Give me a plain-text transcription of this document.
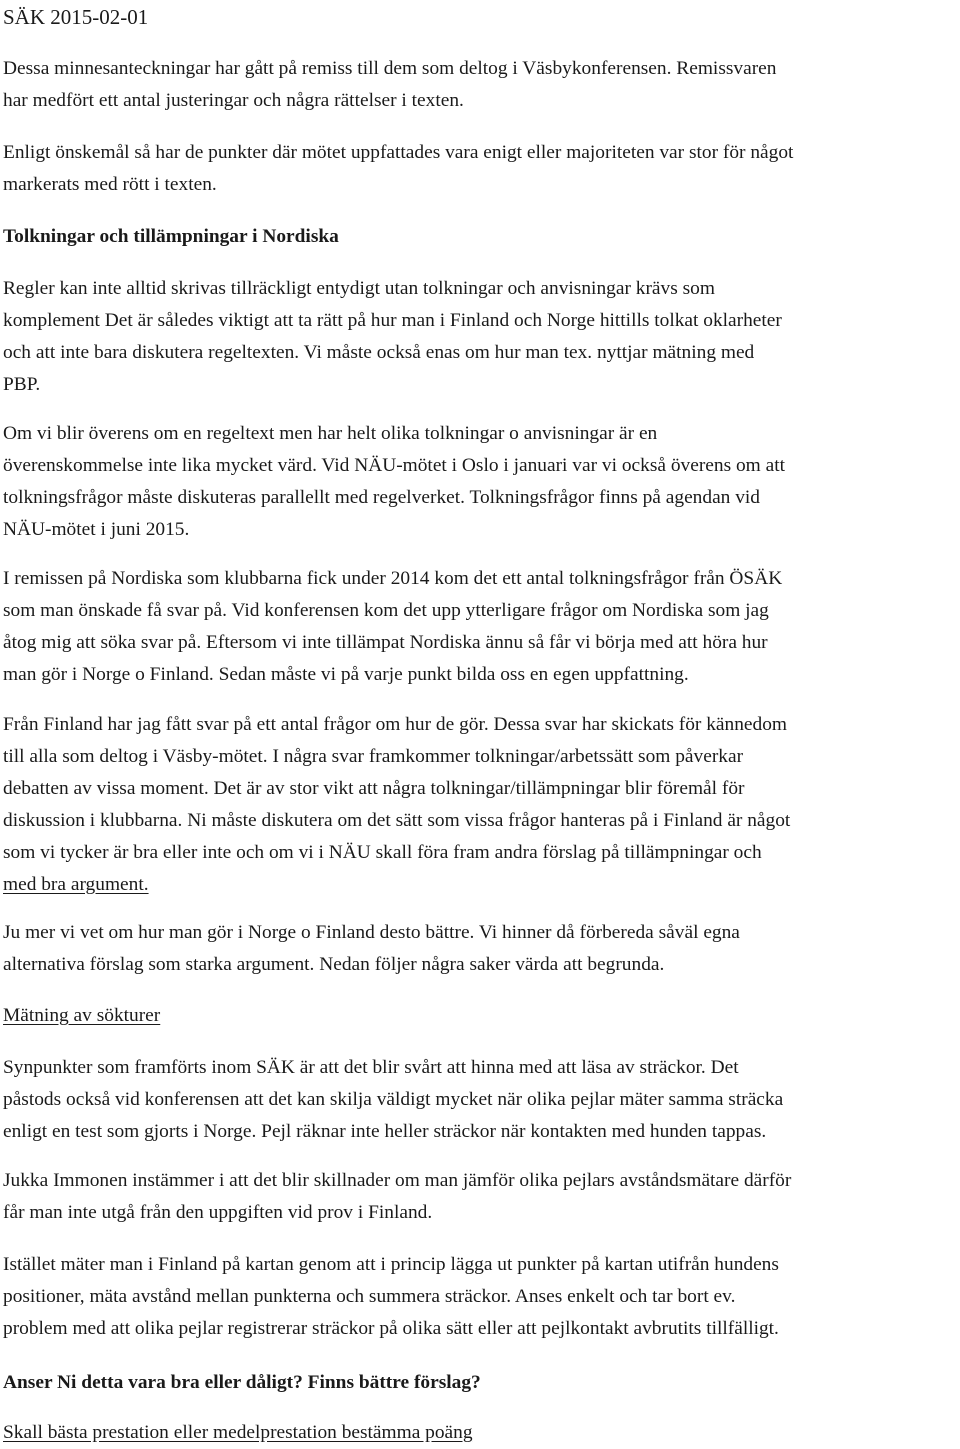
SÄK 2015-02-01
Dessa minnesanteckningar har gått på remiss till dem som deltog i Väsbykonferensen. Remissvaren
har medfört ett antal justeringar och några rättelser i texten.
Enligt önskemål så har de punkter där mötet uppfattades vara enigt eller majoriteten var stor för något
markerats med rött i texten.
Tolkningar och tillämpningar i Nordiska
Regler kan inte alltid skrivas tillräckligt entydigt utan tolkningar och anvisningar krävs som
komplement Det är således viktigt att ta rätt på hur man i Finland och Norge hittills tolkat oklarheter
och att inte bara diskutera regeltexten. Vi måste också enas om hur man tex. nyttjar mätning med
PBP.
Om vi blir överens om en regeltext men har helt olika tolkningar o anvisningar är en
överenskommelse inte lika mycket värd. Vid NÄU-mötet i Oslo i januari var vi också överens om att
tolkningsfrågor måste diskuteras parallellt med regelverket. Tolkningsfrågor finns på agendan vid
NÄU-mötet i juni 2015.
I remissen på Nordiska som klubbarna fick under 2014 kom det ett antal tolkningsfrågor från ÖSÄK
som man önskade få svar på. Vid konferensen kom det upp ytterligare frågor om Nordiska som jag
åtog mig att söka svar på. Eftersom vi inte tillämpat Nordiska ännu så får vi börja med att höra hur
man gör i Norge o Finland. Sedan måste vi på varje punkt bilda oss en egen uppfattning.
Från Finland har jag fått svar på ett antal frågor om hur de gör. Dessa svar har skickats för kännedom
till alla som deltog i Väsby-mötet. I några svar framkommer tolkningar/arbetssätt som påverkar
debatten av vissa moment. Det är av stor vikt att några tolkningar/tillämpningar blir föremål för
diskussion i klubbarna. Ni måste diskutera om det sätt som vissa frågor hanteras på i Finland är något
som vi tycker är bra eller inte och om vi i NÄU skall föra fram andra förslag på tillämpningar och
med bra argument.
Ju mer vi vet om hur man gör i Norge o Finland desto bättre. Vi hinner då förbereda såväl egna
alternativa förslag som starka argument. Nedan följer några saker värda att begrunda.
Mätning av sökturer
Synpunkter som framförts inom SÄK är att det blir svårt att hinna med att läsa av sträckor. Det
påstods också vid konferensen att det kan skilja väldigt mycket när olika pejlar mäter samma sträcka
enligt en test som gjorts i Norge. Pejl räknar inte heller sträckor när kontakten med hunden tappas.
Jukka Immonen instämmer i att det blir skillnader om man jämför olika pejlars avståndsmätare därför
får man inte utgå från den uppgiften vid prov i Finland.
Istället mäter man i Finland på kartan genom att i princip lägga ut punkter på kartan utifrån hundens
positioner, mäta avstånd mellan punkterna och summera sträckor. Anses enkelt och tar bort ev.
problem med att olika pejlar registrerar sträckor på olika sätt eller att pejlkontakt avbrutits tillfälligt.
Anser Ni detta vara bra eller dåligt? Finns bättre förslag?
Skall bästa prestation eller medelprestation bestämma poäng
